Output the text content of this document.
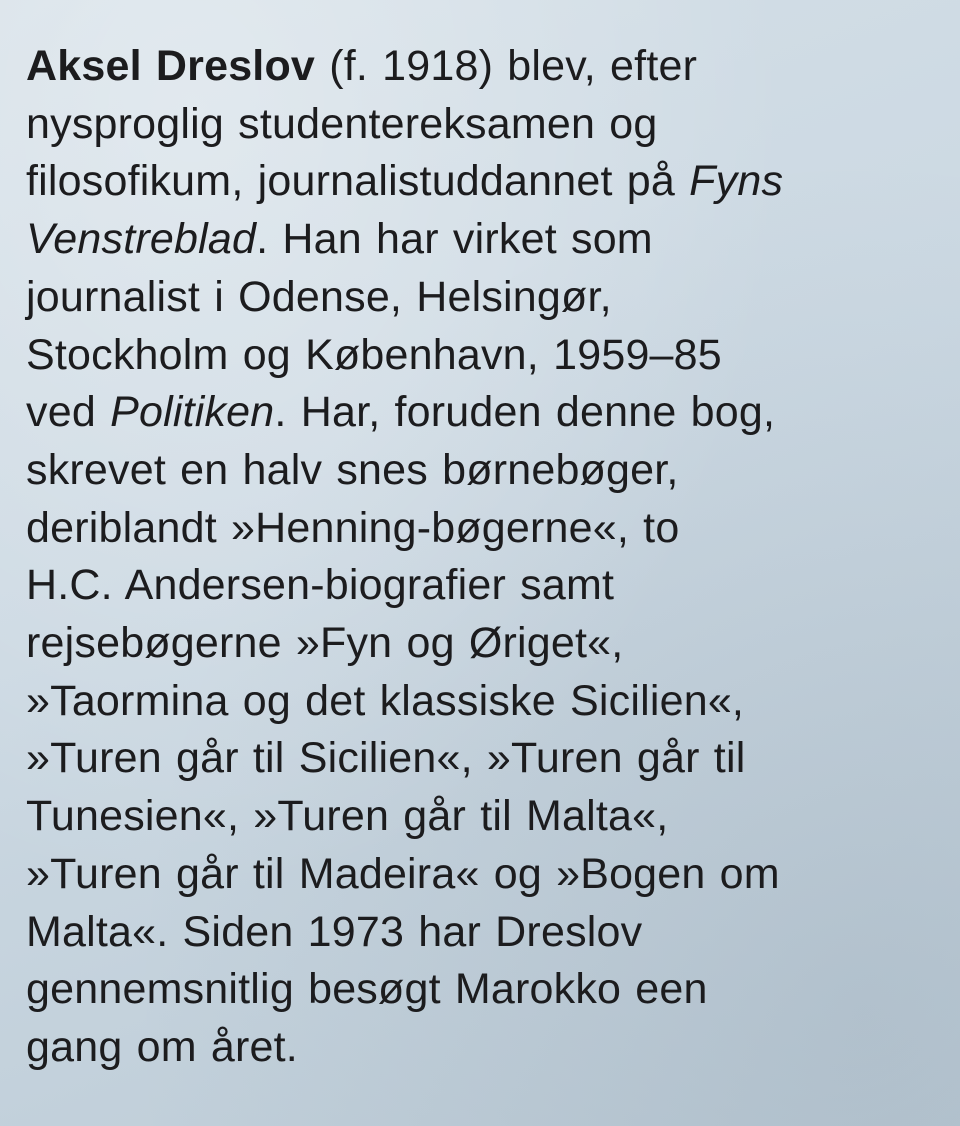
Aksel Dreslov (f. 1918) blev, efter
nysproglig studentereksamen og
filosofikum, journalistuddannet på Fyns
Venstreblad. Han har virket som
journalist i Odense, Helsingør,
Stockholm og København, 1959–85
ved Politiken. Har, foruden denne bog,
skrevet en halv snes børnebøger,
deriblandt »Henning-bøgerne«, to
H.C. Andersen-biografier samt
rejsebøgerne »Fyn og Øriget«,
»Taormina og det klassiske Sicilien«,
»Turen går til Sicilien«, »Turen går til
Tunesien«, »Turen går til Malta«,
»Turen går til Madeira« og »Bogen om
Malta«. Siden 1973 har Dreslov
gennemsnitlig besøgt Marokko een
gang om året.
